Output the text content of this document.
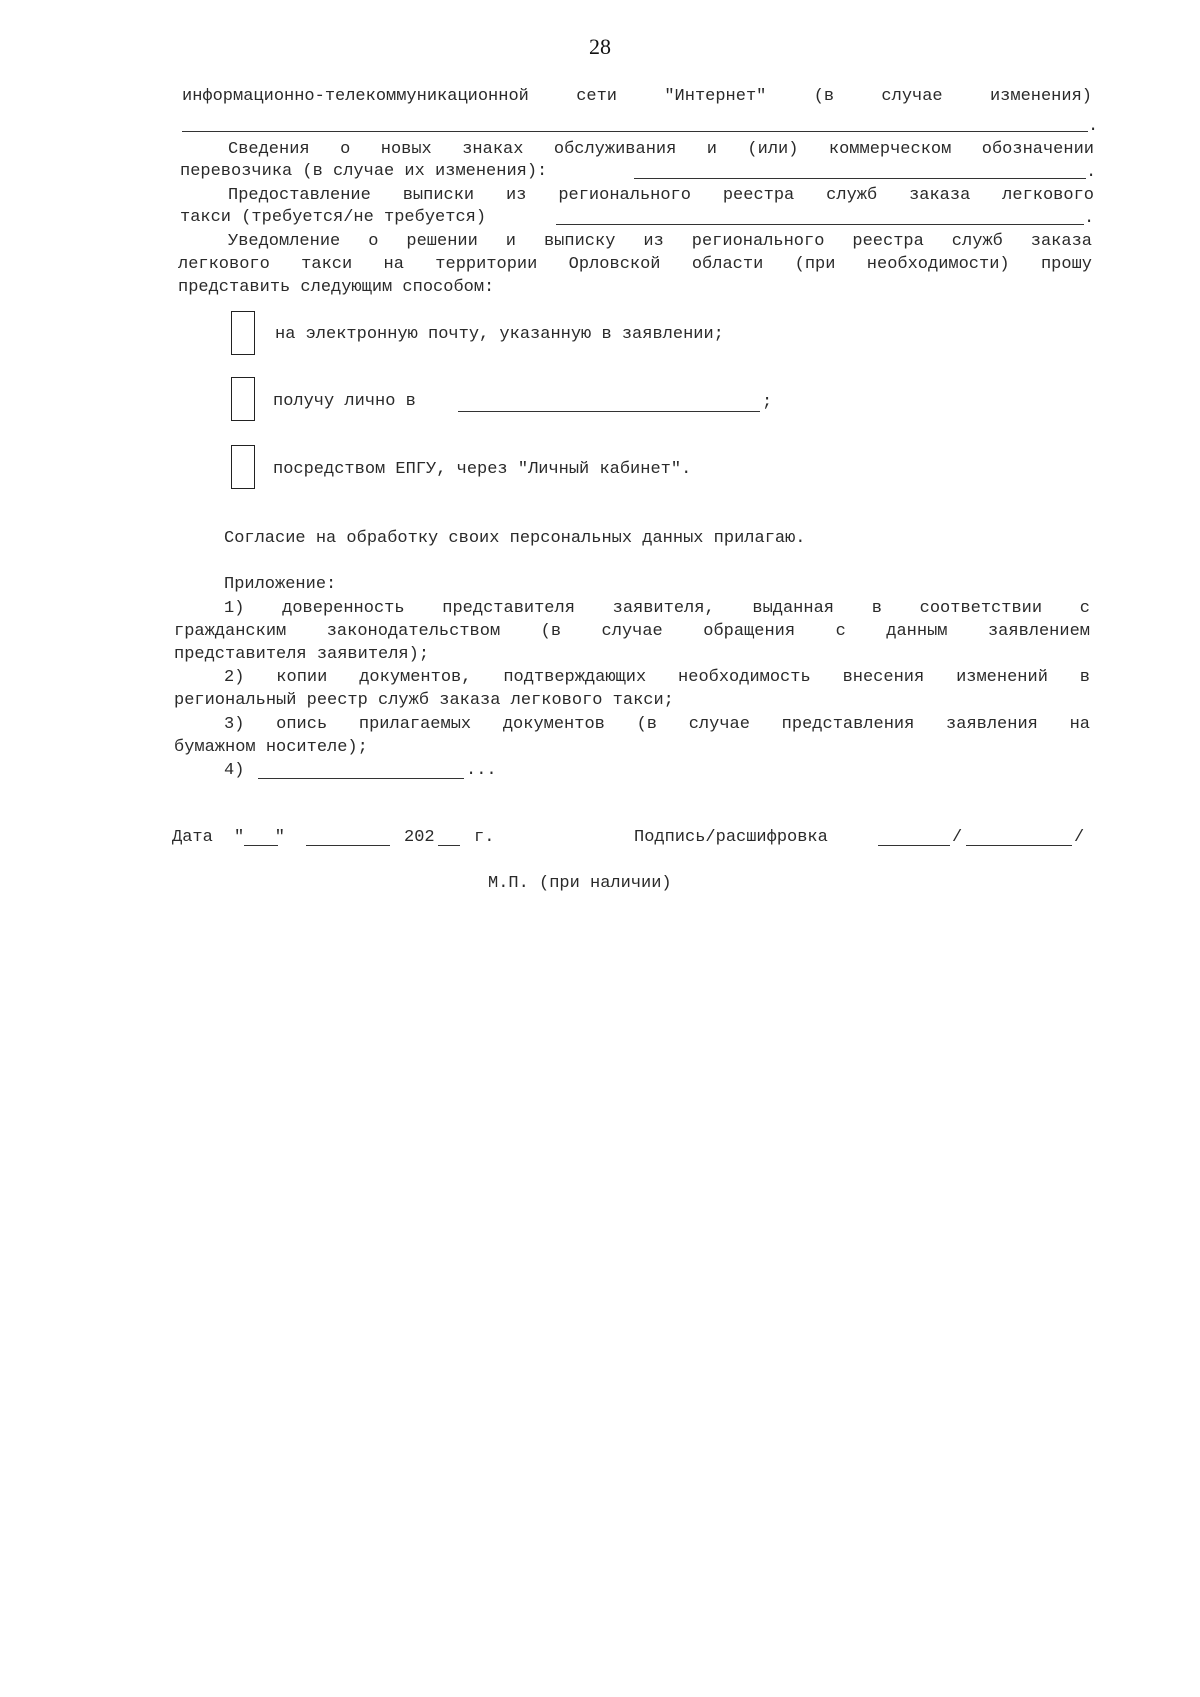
28
информационно-телекоммуникационной сети "Интернет" (в случае изменения)
.
Сведения о новых знаках обслуживания и (или) коммерческом обозначении
перевозчика (в случае их изменения):	.
Предоставление выписки из регионального реестра служб заказа легкового
такси (требуется/не требуется)	.
Уведомление о решении и выписку из регионального реестра служб заказа
легкового такси на территории Орловской области (при необходимости) прошу
представить следующим способом:
на электронную почту, указанную в заявлении;
получу лично в	;
посредством ЕПГУ, через "Личный кабинет".
Согласие на обработку своих персональных данных прилагаю.
Приложение:
1) доверенность представителя заявителя, выданная в соответствии с
гражданским законодательством (в случае обращения с данным заявлением
представителя заявителя);
2) копии документов, подтверждающих необходимость внесения изменений в
региональный реестр служб заказа легкового такси;
3) опись прилагаемых документов (в случае представления заявления на
бумажном носителе);
4)	...
Дата "   "	202 г.	Подпись/расшифровка	/	/
М.П. (при наличии)
